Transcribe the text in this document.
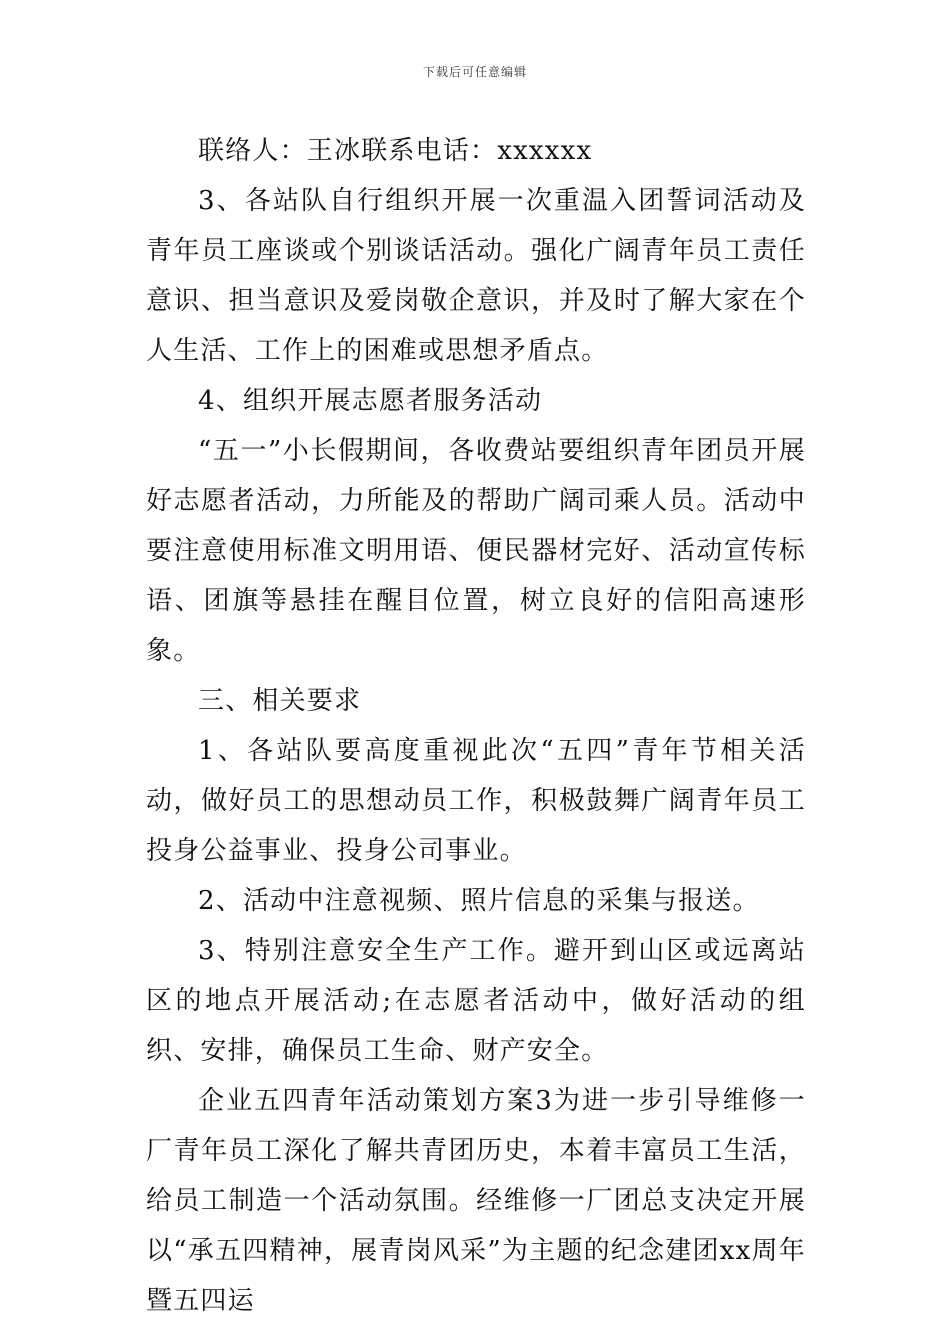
下载后可任意编辑

联络人：王冰联系电话：xxxxxx

3、各站队自行组织开展一次重温入团誓词活动及青年员工座谈或个别谈话活动。强化广阔青年员工责任意识、担当意识及爱岗敬企意识，并及时了解大家在个人生活、工作上的困难或思想矛盾点。

4、组织开展志愿者服务活动

“五一”小长假期间，各收费站要组织青年团员开展好志愿者活动，力所能及的帮助广阔司乘人员。活动中要注意使用标准文明用语、便民器材完好、活动宣传标语、团旗等悬挂在醒目位置，树立良好的信阳高速形象。

三、相关要求

1、各站队要高度重视此次“五四”青年节相关活动，做好员工的思想动员工作，积极鼓舞广阔青年员工投身公益事业、投身公司事业。

2、活动中注意视频、照片信息的采集与报送。

3、特别注意安全生产工作。避开到山区或远离站区的地点开展活动;在志愿者活动中，做好活动的组织、安排，确保员工生命、财产安全。

企业五四青年活动策划方案3为进一步引导维修一厂青年员工深化了解共青团历史，本着丰富员工生活，给员工制造一个活动氛围。经维修一厂团总支决定开展以“承五四精神，展青岗风采”为主题的纪念建团xx周年暨五四运
